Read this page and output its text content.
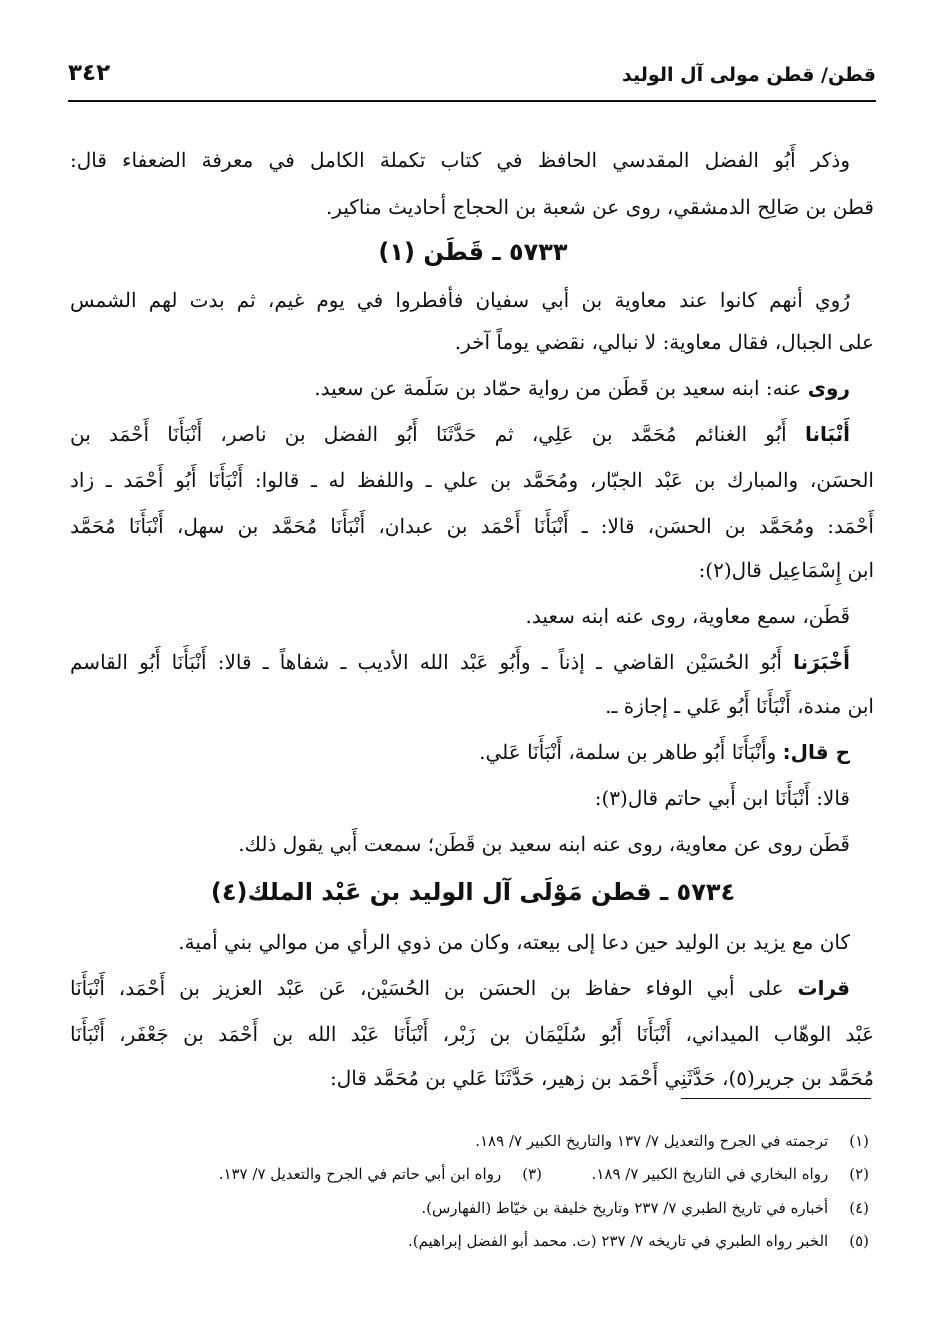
قطن/ قطن مولى آل الوليد
٣٤٢
وذكر أَبُو الفضل المقدسي الحافظ في كتاب تكملة الكامل في معرفة الضعفاء قال:
قطن بن صَالِح الدمشقي، روى عن شعبة بن الحجاج أحاديث مناكير.
٥٧٣٣ ـ قَطَن (١)
رُوي أنهم كانوا عند معاوية بن أبي سفيان فأفطروا في يوم غيم، ثم بدت لهم الشمس
على الجبال، فقال معاوية: لا نبالي، نقضي يوماً آخر.
روى عنه: ابنه سعيد بن قَطَن من رواية حمّاد بن سَلَمة عن سعيد.
أَنْبَانا أَبُو الغنائم مُحَمَّد بن عَلِي، ثم حَدَّثَنَا أَبُو الفضل بن ناصر، أَنْبَأَنَا أَحْمَد بن
الحسَن، والمبارك بن عَبْد الجبّار، ومُحَمَّد بن علي ـ واللفظ له ـ قالوا: أَنْبَأَنَا أَبُو أَحْمَد ـ زاد
أَحْمَد: ومُحَمَّد بن الحسَن، قالا: ـ أَنْبَأَنَا أَحْمَد بن عبدان، أَنْبَأَنَا مُحَمَّد بن سهل، أَنْبَأَنَا مُحَمَّد
ابن إِسْمَاعِيل قال(٢):
قَطَن، سمع معاوية، روى عنه ابنه سعيد.
أَخْبَرَنا أَبُو الحُسَيْن القاضي ـ إذناً ـ وأَبُو عَبْد الله الأديب ـ شفاهاً ـ قالا: أَنْبَأَنَا أَبُو القاسم
ابن مندة، أَنْبَأَنَا أَبُو عَلي ـ إجازة ـ.
ح قال: وأَنْبَأَنَا أَبُو طاهر بن سلمة، أَنْبَأَنَا عَلي.
قالا: أَنْبَأَنَا ابن أَبي حاتم قال(٣):
قَطَن روى عن معاوية، روى عنه ابنه سعيد بن قَطَن؛ سمعت أَبي يقول ذلك.
٥٧٣٤ ـ قطن مَوْلَى آل الوليد بن عَبْد الملك(٤)
كان مع يزيد بن الوليد حين دعا إلى بيعته، وكان من ذوي الرأي من موالي بني أمية.
قرات على أبي الوفاء حفاظ بن الحسَن بن الحُسَيْن، عَن عَبْد العزيز بن أَحْمَد، أَنْبَأَنَا
عَبْد الوهّاب الميداني، أَنْبَأَنَا أَبُو سُلَيْمَان بن زَبْر، أَنْبَأَنَا عَبْد الله بن أَحْمَد بن جَعْفَر، أَنْبَأَنَا
مُحَمَّد بن جرير(٥)، حَدَّثَنِي أَحْمَد بن زهير، حَدَّثَنَا عَلي بن مُحَمَّد قال:
(١) ترجمته في الجرح والتعديل ٧/ ١٣٧ والتاريخ الكبير ٧/ ١٨٩.
(٢) رواه البخاري في التاريخ الكبير ٧/ ١٨٩.  (٣) رواه ابن أبي حاتم في الجرح والتعديل ٧/ ١٣٧.
(٤) أخباره في تاريخ الطبري ٧/ ٢٣٧ وتاريخ خليفة بن خيّاط (الفهارس).
(٥) الخبر رواه الطبري في تاريخه ٧/ ٢٣٧ (ت. محمد أبو الفضل إبراهيم).
